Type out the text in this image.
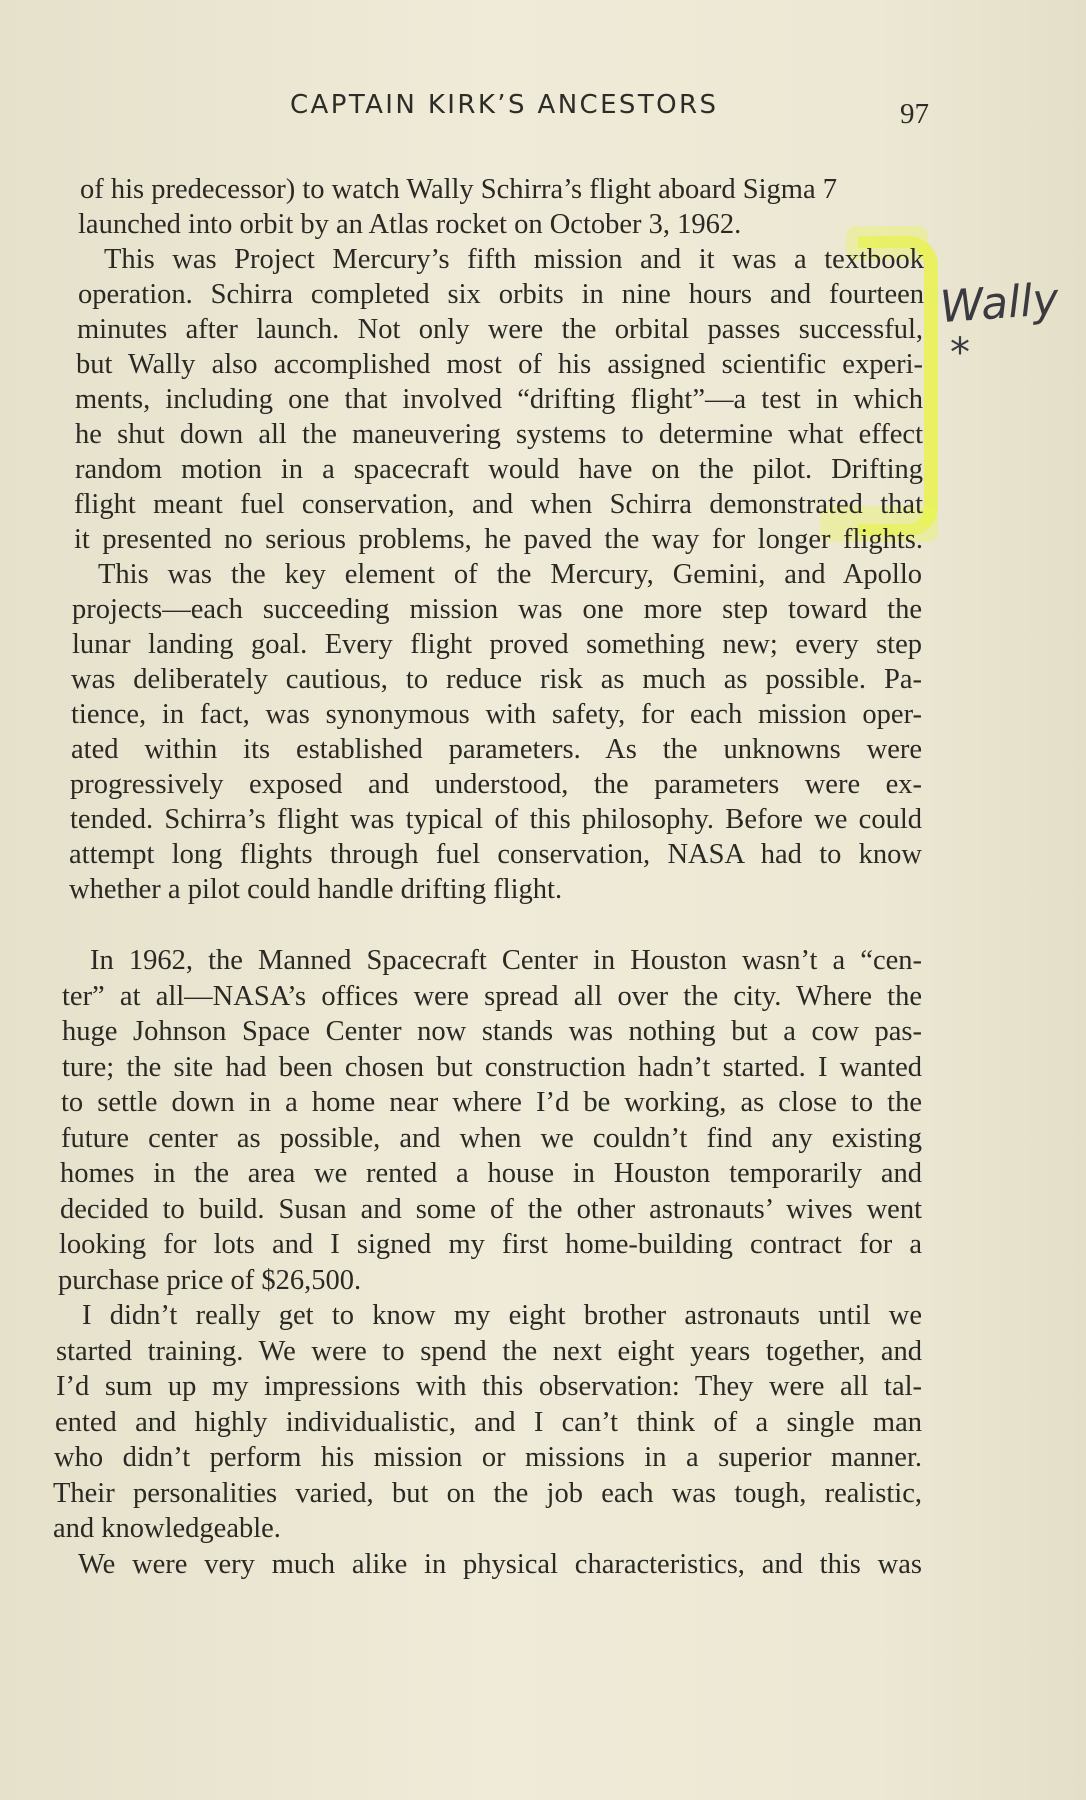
CAPTAIN KIRK’S ANCESTORS	97
Wally
*
of his predecessor) to watch Wally Schirra’s flight aboard Sigma 7
launched into orbit by an Atlas rocket on October 3, 1962.
This was Project Mercury’s fifth mission and it was a textbook
operation. Schirra completed six orbits in nine hours and fourteen
minutes after launch. Not only were the orbital passes successful,
but Wally also accomplished most of his assigned scientific experi-
ments, including one that involved “drifting flight”—a test in which
he shut down all the maneuvering systems to determine what effect
random motion in a spacecraft would have on the pilot. Drifting
flight meant fuel conservation, and when Schirra demonstrated that
it presented no serious problems, he paved the way for longer flights.
This was the key element of the Mercury, Gemini, and Apollo
projects—each succeeding mission was one more step toward the
lunar landing goal. Every flight proved something new; every step
was deliberately cautious, to reduce risk as much as possible. Pa-
tience, in fact, was synonymous with safety, for each mission oper-
ated within its established parameters. As the unknowns were
progressively exposed and understood, the parameters were ex-
tended. Schirra’s flight was typical of this philosophy. Before we could
attempt long flights through fuel conservation, NASA had to know
whether a pilot could handle drifting flight.
In 1962, the Manned Spacecraft Center in Houston wasn’t a “cen-
ter” at all—NASA’s offices were spread all over the city. Where the
huge Johnson Space Center now stands was nothing but a cow pas-
ture; the site had been chosen but construction hadn’t started. I wanted
to settle down in a home near where I’d be working, as close to the
future center as possible, and when we couldn’t find any existing
homes in the area we rented a house in Houston temporarily and
decided to build. Susan and some of the other astronauts’ wives went
looking for lots and I signed my first home-building contract for a
purchase price of $26,500.
I didn’t really get to know my eight brother astronauts until we
started training. We were to spend the next eight years together, and
I’d sum up my impressions with this observation: They were all tal-
ented and highly individualistic, and I can’t think of a single man
who didn’t perform his mission or missions in a superior manner.
Their personalities varied, but on the job each was tough, realistic,
and knowledgeable.
We were very much alike in physical characteristics, and this was
